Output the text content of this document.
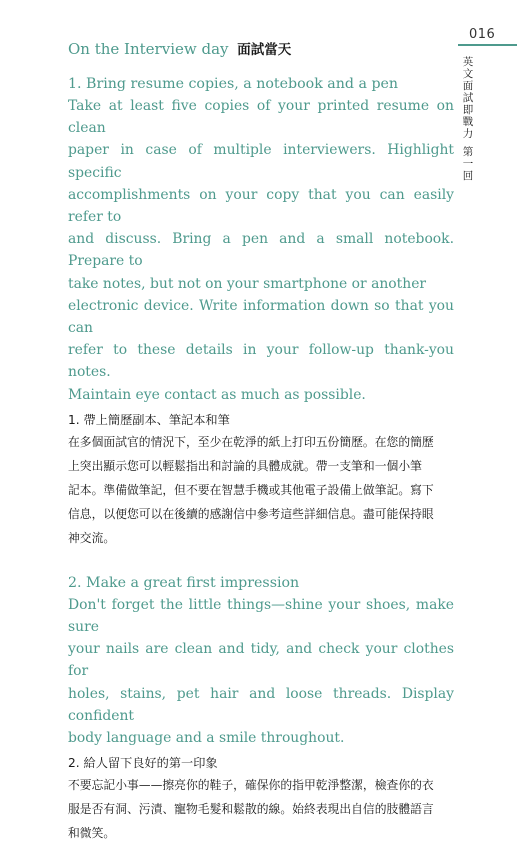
016
英
文
面
試
即
戰
力
第
一
回
On the Interview day 面試當天
1. Bring resume copies, a notebook and a pen
Take at least five copies of your printed resume on clean
paper in case of multiple interviewers. Highlight specific
accomplishments on your copy that you can easily refer to
and discuss. Bring a pen and a small notebook. Prepare to
take notes, but not on your smartphone or another
electronic device. Write information down so that you can
refer to these details in your follow-up thank-you notes.
Maintain eye contact as much as possible.
1. 帶上簡歷副本、筆記本和筆
在多個面試官的情況下，至少在乾淨的紙上打印五份簡歷。在您的簡歷
上突出顯示您可以輕鬆指出和討論的具體成就。帶一支筆和一個小筆
記本。準備做筆記，但不要在智慧手機或其他電子設備上做筆記。寫下
信息，以便您可以在後續的感謝信中參考這些詳細信息。盡可能保持眼
神交流。
2. Make a great first impression
Don't forget the little things—shine your shoes, make sure
your nails are clean and tidy, and check your clothes for
holes, stains, pet hair and loose threads. Display confident
body language and a smile throughout.
2. 給人留下良好的第一印象
不要忘記小事——擦亮你的鞋子，確保你的指甲乾淨整潔，檢查你的衣
服是否有洞、污漬、寵物毛髮和鬆散的線。始終表現出自信的肢體語言
和微笑。
